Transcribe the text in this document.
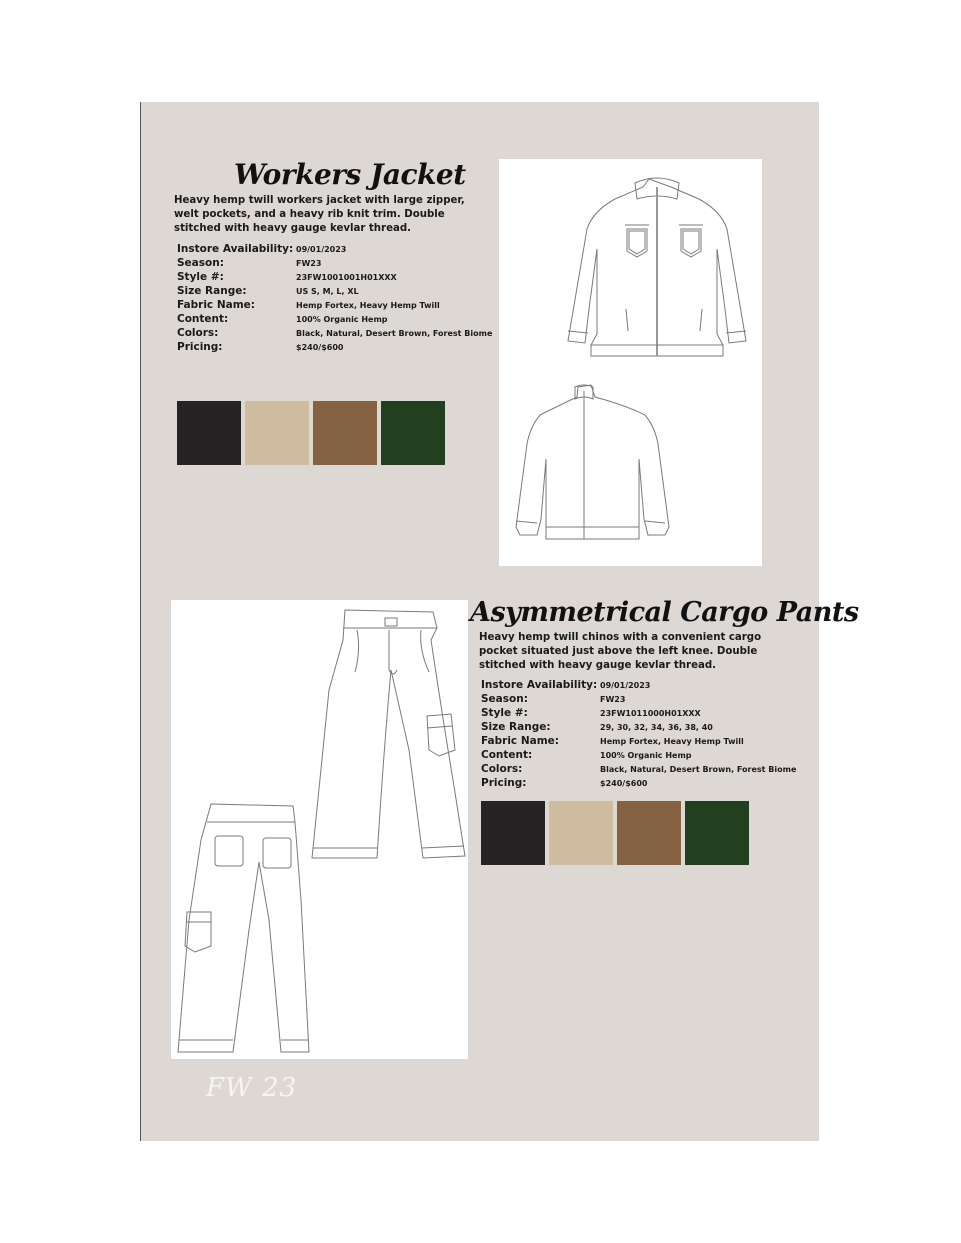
Workers Jacket
Heavy hemp twill workers jacket with large zipper, welt pockets, and a heavy rib knit trim. Double stitched with heavy gauge kevlar thread.
Instore Availability: 09/01/2023
Season:	FW23
Style #:	23FW1001001H01XXX
Size Range:	US S, M, L, XL
Fabric Name:	Hemp Fortex, Heavy Hemp Twill
Content:	100% Organic Hemp
Colors:	Black, Natural, Desert Brown, Forest Biome
Pricing:	$240/$600
Asymmetrical Cargo Pants
Heavy hemp twill chinos with a convenient cargo pocket situated just above the left knee. Double stitched with heavy gauge kevlar thread.
Instore Availability: 09/01/2023
Season:	FW23
Style #:	23FW1011000H01XXX
Size Range:	29, 30, 32, 34, 36, 38, 40
Fabric Name:	Hemp Fortex, Heavy Hemp Twill
Content:	100% Organic Hemp
Colors:	Black, Natural, Desert Brown, Forest Biome
Pricing:	$240/$600
FW 23
